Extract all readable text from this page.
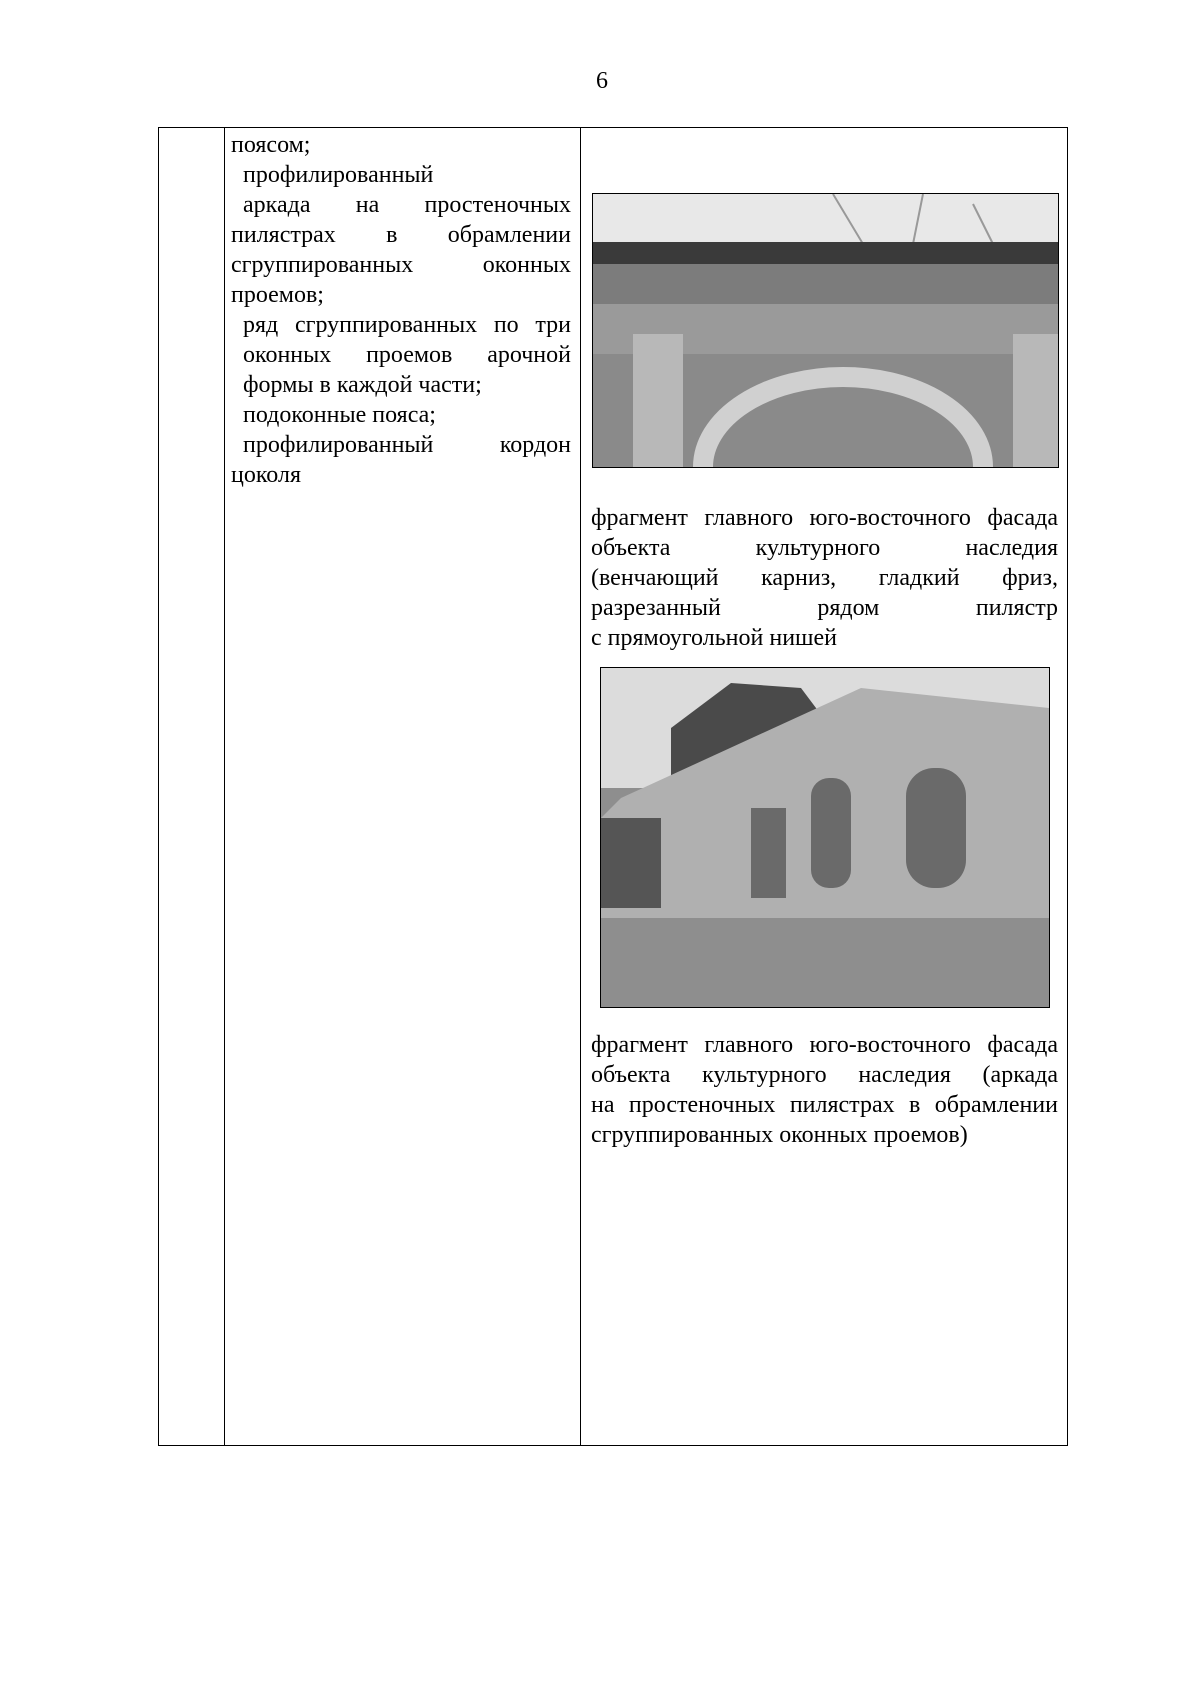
6
поясом;
профилированный
аркада на простеночных
пилястрах в обрамлении
сгруппированных оконных
проемов;
ряд сгруппированных по три
оконных проемов арочной
формы в каждой части;
подоконные пояса;
профилированный кордон
цоколя
фрагмент главного юго-восточного фасада
объекта культурного наследия
(венчающий карниз, гладкий фриз,
разрезанный рядом пилястр
с прямоугольной нишей
фрагмент главного юго-восточного фасада
объекта культурного наследия (аркада
на простеночных пилястрах в обрамлении
сгруппированных оконных проемов)
